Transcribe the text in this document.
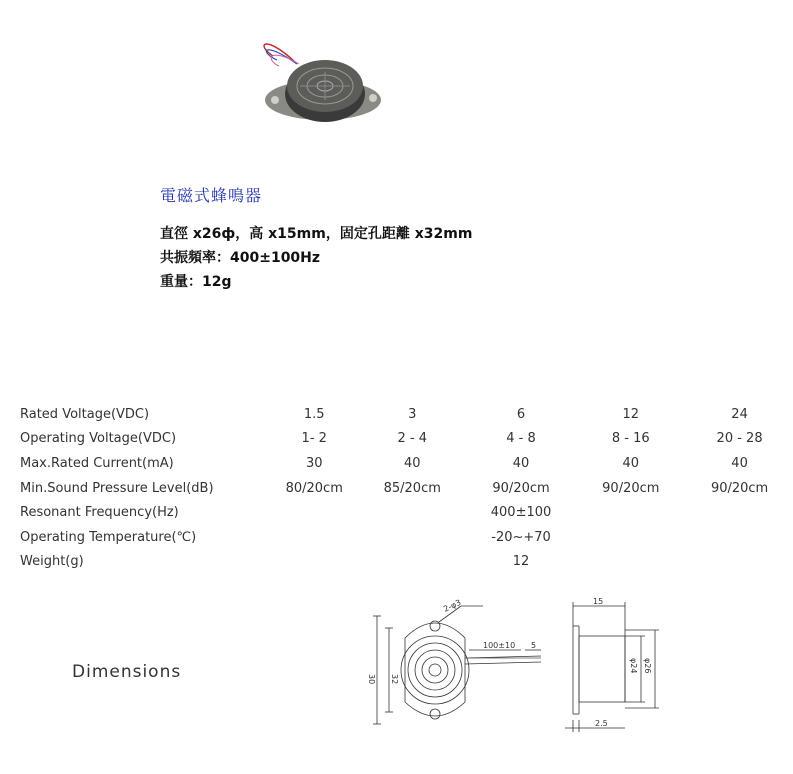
電磁式蜂鳴器
直徑 x26ф，高 x15mm，固定孔距離 x32mm
共振頻率：400±100Hz
重量：12g
Rated Voltage(VDC)	1.5	3	6	12	24
Operating Voltage(VDC)	1- 2	2 - 4	4 - 8	8 - 16	20 - 28
Max.Rated Current(mA)	30	40	40	40	40
Min.Sound Pressure Level(dB)	80/20cm	85/20cm	90/20cm	90/20cm	90/20cm
Resonant Frequency(Hz)			400±100		
Operating Temperature(℃)			-20~+70		
Weight(g)			12		
Dimensions
2-φ3
30 32
100±10 5
15
φ24 φ26
2.5
